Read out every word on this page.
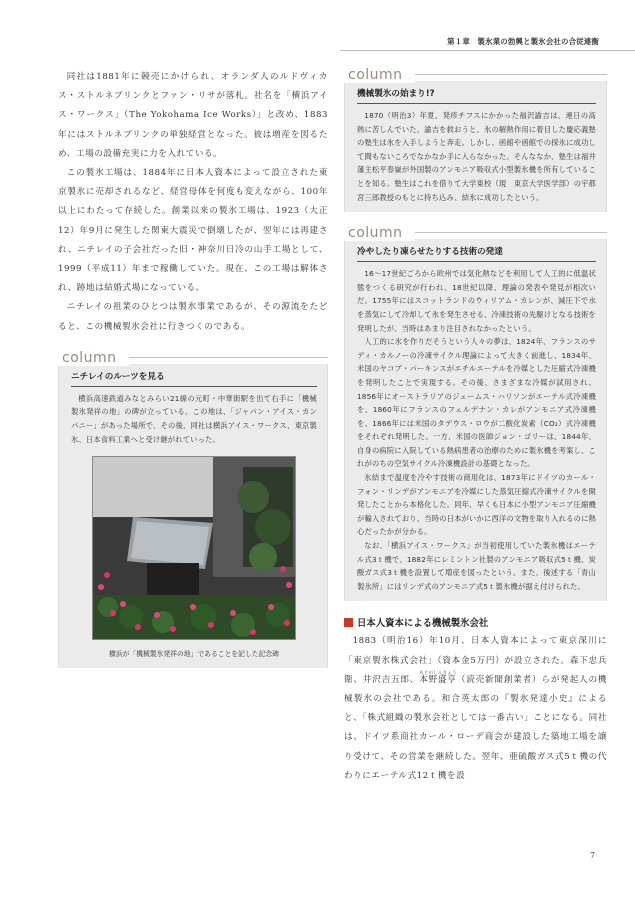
第１章　製氷業の勃興と製氷会社の合従連衡

同社は1881年に競売にかけられ、オランダ人のルドヴィカス・ストルネブリンクとファン・リサが落札。社名を「横浜アイス・ワークス」（The Yokohama Ice Works）」と改め、1883年にはストルネブリンクの単独経営となった。彼は増産を図るため、工場の設備充実に力を入れている。

この製氷工場は、1884年に日本人資本によって設立された東京製氷に売却されるなど、経営母体を何度も変えながら、100年以上にわたって存続した。創業以来の製氷工場は、1923（大正12）年9月に発生した関東大震災で倒壊したが、翌年には再建され、ニチレイの子会社だった旧・神奈川日冷の山手工場として、1999（平成11）年まで稼働していた。現在、この工場は解体され、跡地は結婚式場になっている。

ニチレイの祖業のひとつは製氷事業であるが、その源流をたどると、この機械製氷会社に行きつくのである。

column
ニチレイのルーツを見る

横浜高速鉄道みなとみらい21線の元町・中華街駅を出て右手に「機械製氷発祥の地」の碑が立っている。この地は、「ジャパン・アイス・カンパニー」があった場所で、その後、同社は横浜アイス・ワークス、東京製氷、日本食料工業へと受け継がれていった。

横浜が「機械製氷発祥の地」であることを記した記念碑
column
機械製氷の始まり!?

1870（明治3）年夏、発疹チフスにかかった福沢諭吉は、連日の高熱に苦しんでいた。諭吉を救おうと、氷の解熱作用に着目した慶応義塾の塾生は氷を入手しようと奔走。しかし、函館や函館での採氷に成功して間もないころでなかなか手に入らなかった。そんななか、塾生は福井藩主松平春嶽が外国製のアンモニア吸収式小型製氷機を所有していることを知る。塾生はこれを借りて大学東校（現　東京大学医学部）の宇都宮三郎教授のもとに持ち込み、結氷に成功したという。

column
冷やしたり凍らせたりする技術の発達

16～17世紀ごろから欧州では気化熱などを利用して人工的に低温状態をつくる研究が行われ、18世紀以降、理論の発表や発見が相次いだ。1755年にはスコットランドのウィリアム・カレンが、減圧下で水を蒸気にして冷却して氷を発生させる、冷凍技術の先駆けとなる技術を発明したが、当時はあまり注目されなかったという。

人工的に氷を作りだそうという人々の夢は、1824年、フランスのサディ・カルノーの冷凍サイクル理論によって大きく前進し、1834年、米国のヤコブ・パーキンスがエチルエーテルを冷媒とした圧縮式冷凍機を発明したことで実現する。その後、さまざまな冷媒が試用され、1856年にオーストラリアのジェームス・ハリソンがエーテル式冷凍機を、1860年にフランスのフェルデナン・カレがアンモニア式冷凍機を、1866年には米国のタデウス・ロウが二酸化炭素（CO₂）式冷凍機をそれぞれ発明した。一方、米国の医師ジョン・ゴリーは、1844年、自身の病院に入院している熱病患者の治療のために製氷機を考案し、これがのちの空気サイクル冷凍機設計の基礎となった。

氷結まで温度を冷やす技術の商用化は、1873年にドイツのカール・フォン・リンデがアンモニアを冷媒にした蒸気圧縮式冷凍サイクルを開発したことから本格化した。同年、早くも日本に小型アンモニア圧縮機が輸入されており、当時の日本がいかに西洋の文物を取り入れるのに熱心だったかが分かる。

なお、「横浜アイス・ワークス」が当初使用していた製氷機はエーテル式3ｔ機で、1882年にレミントン社製のアンモニア吸収式5ｔ機、炭酸ガス式3ｔ機を設置して増産を図ったという。また、後述する「青山製氷所」にはリンデ式のアンモニア式5ｔ製氷機が据え付けられた。

日本人資本による機械製氷会社

1883（明治16）年10月、日本人資本によって東京深川に「東京製氷株式会社」（資本金5万円）が設立された。森下忠兵衛、井沢吉五郎、本野盛亨もとのしんりょう（読売新聞創業者）らが発起人の機械製氷の会社である。和合英太郎の『製氷発達小史』によると、「株式組織の製氷会社としては一番古い」ことになる。同社は、ドイツ系商社カール・ローデ商会が建設した築地工場を譲り受けて、その営業を継続した。翌年、亜硫酸ガス式5ｔ機の代わりにエーテル式12ｔ機を設

7
